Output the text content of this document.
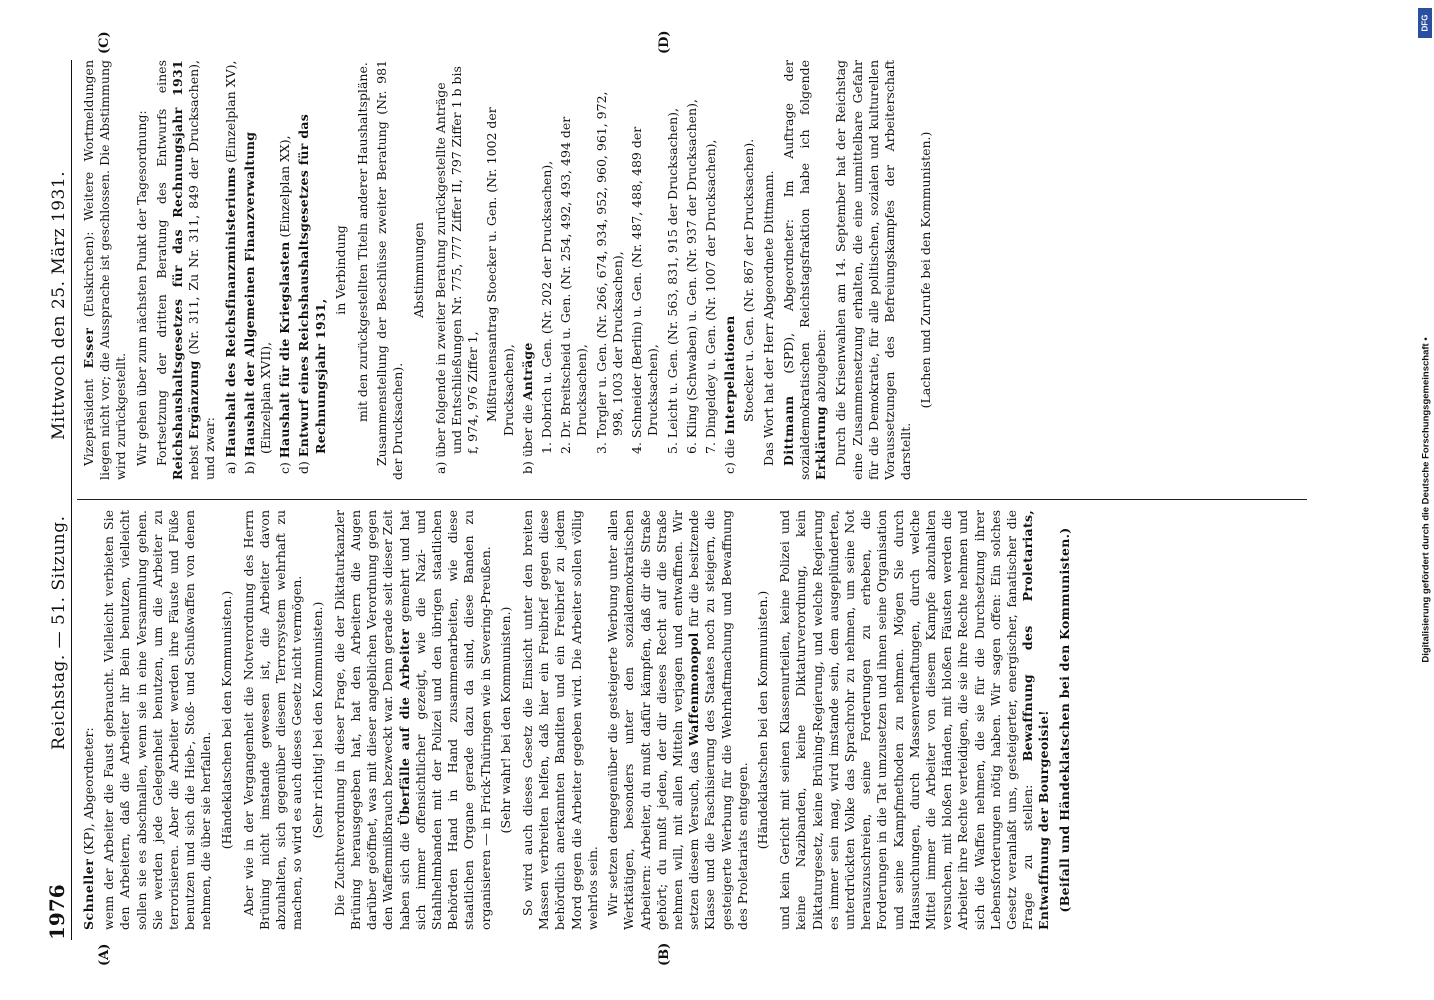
1976
Reichstag. — 51. Sitzung.
Mittwoch den 25. März 1931.
(A)	(B)
(C)	(D)

Schneller (KP), Abgeordneter: wenn der Arbeiter die Faust gebraucht. Vielleicht verbieten Sie den Arbeitern, daß die Arbeiter ihr Bein benutzen, vielleicht sollen sie es abschnallen, wenn sie in eine Versammlung gehen. Sie werden jede Gelegenheit benutzen, um die Arbeiter zu terrorisieren. Aber die Arbeiter werden ihre Fäuste und Füße benutzen und sich die Hieb-, Stoß- und Schußwaffen von denen nehmen, die über sie herfallen. (Händeklatschen bei den Kommunisten.) Aber wie in der Vergangenheit die Notverordnung des Herrn Brüning nicht imstande gewesen ist, die Arbeiter davon abzuhalten, sich gegenüber diesem Terrorsystem wehrhaft zu machen, so wird es auch dieses Gesetz nicht vermögen. (Sehr richtig! bei den Kommunisten.) Die Zuchtverordnung in dieser Frage, die der Diktaturkanzler Brüning herausgegeben hat, hat den Arbeitern die Augen darüber geöffnet, was mit dieser angeblichen Verordnung gegen den Waffenmißbrauch bezweckt war. Denn gerade seit dieser Zeit haben sich die Überfälle auf die Arbeiter gemehrt und hat sich immer offensichtlicher gezeigt, wie die Nazi- und Stahlhelmbanden mit der Polizei und den übrigen staatlichen Behörden Hand in Hand zusammenarbeiten, wie diese staatlichen Organe gerade dazu da sind, diese Banden zu organisieren — in Frick-Thüringen wie in Severing-Preußen. (Sehr wahr! bei den Kommunisten.) So wird auch dieses Gesetz die Einsicht unter den breiten Massen verbreiten helfen, daß hier ein Freibrief gegen diese behördlich anerkannten Banditen und ein Freibrief zu jedem Mord gegen die Arbeiter gegeben wird. Die Arbeiter sollen völlig wehrlos sein. Wir setzen demgegenüber die gesteigerte Werbung unter allen Werktätigen, besonders unter den sozialdemokratischen Arbeitern: Arbeiter, du mußt dafür kämpfen, daß dir die Straße gehört; du mußt jeden, der dir dieses Recht auf die Straße nehmen will, mit allen Mitteln verjagen und entwaffnen. Wir setzen diesem Versuch, das Waffenmonopol für die besitzende Klasse und die Faschisierung des Staates noch zu steigern, die gesteigerte Werbung für die Wehrhaftmachung und Bewaffnung des Proletariats entgegen. (Händeklatschen bei den Kommunisten.) und kein Gericht mit seinen Klassenurteilen, keine Polizei und keine Nazibanden, keine Diktaturverordnung, kein Diktaturgesetz, keine Brüning-Regierung, und welche Regierung es immer sein mag, wird imstande sein, dem ausgeplünderten, unterdrückten Volke das Sprachrohr zu nehmen, um seine Not herauszuschreien, seine Forderungen zu erheben, die Forderungen in die Tat umzusetzen und ihnen seine Organisation und seine Kampfmethoden zu nehmen. Mögen Sie durch Haussuchungen, durch Massenverhaftungen, durch welche Mittel immer die Arbeiter von diesem Kampfe abzuhalten versuchen, mit bloßen Händen, mit bloßen Fäusten werden die Arbeiter ihre Rechte verteidigen, die sie ihre Rechte nehmen und sich die Waffen nehmen, die sie für die Durchsetzung ihrer Lebensforderungen nötig haben. Wir sagen offen: Ein solches Gesetz veranlaßt uns, gesteigerter, energischer, fanatischer die Frage zu stellen: Bewaffnung des Proletariats, Entwaffnung der Bourgeoisie! (Beifall und Händeklatschen bei den Kommunisten.)

Vizepräsident Esser (Euskirchen): Weitere Wortmeldungen liegen nicht vor; die Aussprache ist geschlossen. Die Abstimmung wird zurückgestellt. Wir gehen über zum nächsten Punkt der Tagesordnung: Fortsetzung der dritten Beratung des Entwurfs eines Reichshaushaltsgesetzes für das Rechnungsjahr 1931 nebst Ergänzung (Nr. 311, Zu Nr. 311, 849 der Drucksachen), und zwar: a) Haushalt des Reichsfinanzministeriums (Einzelplan XV),

b) Haushalt der Allgemeinen Finanzverwaltung (Einzelplan XVII),

c) Haushalt für die Kriegslasten (Einzelplan XX),

d) Entwurf eines Reichshaushaltsgesetzes für das Rechnungsjahr 1931,

in Verbindung mit den zurückgestellten Titeln anderer Haushaltspläne. Zusammenstellung der Beschlüsse zweiter Beratung (Nr. 981 der Drucksachen).

Abstimmungen a) über folgende in zweiter Beratung zurückgestellte Anträge und Entschließungen Nr. 775, 777 Ziffer II, 797 Ziffer 1 b bis f, 974, 976 Ziffer 1, Mißtrauensantrag Stoecker u. Gen. (Nr. 1002 der Drucksachen),

b) über die Anträge 1. Dobrich u. Gen. (Nr. 202 der Drucksachen), 2. Dr. Breitscheid u. Gen. (Nr. 254, 492, 493, 494 der Drucksachen), 3. Torgler u. Gen. (Nr. 266, 674, 934, 952, 960, 961, 972, 998, 1003 der Drucksachen), 4. Schneider (Berlin) u. Gen. (Nr. 487, 488, 489 der Drucksachen), 5. Leicht u. Gen. (Nr. 563, 831, 915 der Drucksachen), 6. Kling (Schwaben) u. Gen. (Nr. 937 der Drucksachen), 7. Dingeldey u. Gen. (Nr. 1007 der Drucksachen),

c) die Interpellationen Stoecker u. Gen. (Nr. 867 der Drucksachen). Das Wort hat der Herr Abgeordnete Dittmann. Dittmann (SPD), Abgeordneter: Im Auftrage der sozialdemokratischen Reichstagsfraktion habe ich folgende Erklärung abzugeben: Durch die Krisenwahlen am 14. September hat der Reichstag eine Zusammensetzung erhalten, die eine unmittelbare Gefahr für die Demokratie, für alle politischen, sozialen und kulturellen Voraussetzungen des Befreiungskampfes der Arbeiterschaft darstellt.

(Lachen und Zurufe bei den Kommunisten.)

DFG
Digitalisierung gefördert durch die Deutsche Forschungsgemeinschaft •
